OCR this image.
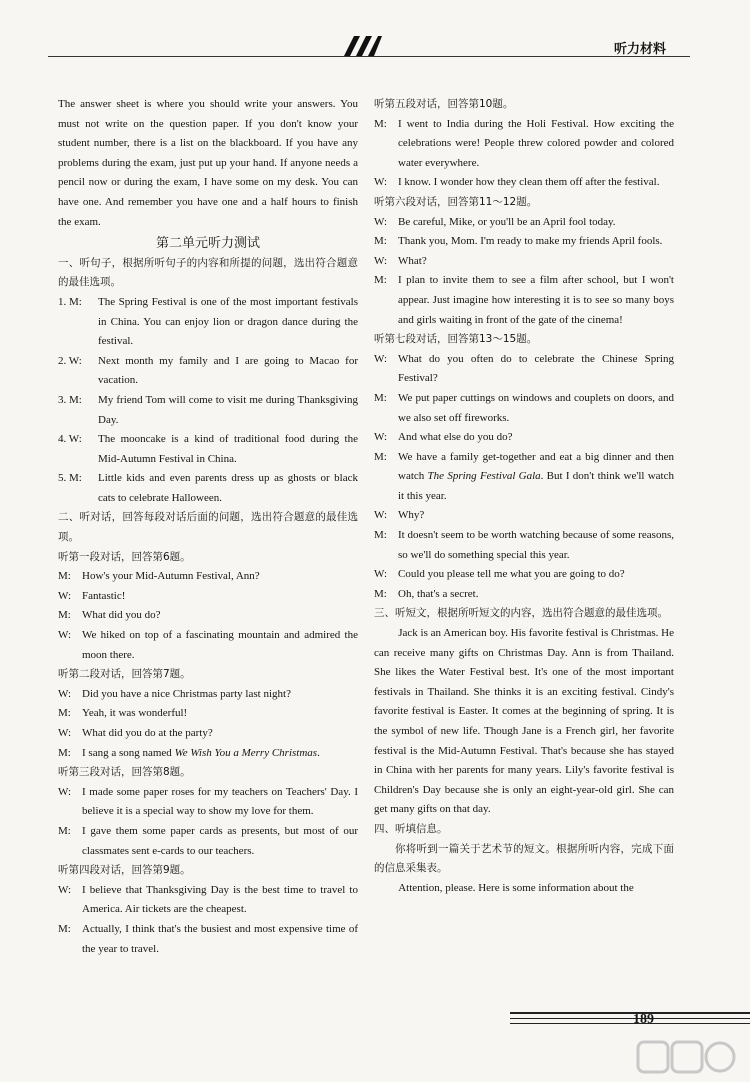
听力材料

The answer sheet is where you should write your answers. You must not write on the question paper. If you don't know your student number, there is a list on the blackboard. If you have any problems during the exam, just put up your hand. If anyone needs a pencil now or during the exam, I have some on my desk. You can have one. And remember you have one and a half hours to finish the exam.

第二单元听力测试

一、听句子，根据所听句子的内容和所提的问题，选出符合题意的最佳选项。

1. M:	The Spring Festival is one of the most important festivals in China. You can enjoy lion or dragon dance during the festival.

2. W:	Next month my family and I are going to Macao for vacation.

3. M:	My friend Tom will come to visit me during Thanksgiving Day.

4. W:	The mooncake is a kind of traditional food during the Mid-Autumn Festival in China.

5. M:	Little kids and even parents dress up as ghosts or black cats to celebrate Halloween.

二、听对话，回答每段对话后面的问题，选出符合题意的最佳选项。

听第一段对话，回答第6题。

M:	How's your Mid-Autumn Festival, Ann?

W: Fantastic!

M:	What did you do?

W: We hiked on top of a fascinating mountain and admired the moon there.

听第二段对话，回答第7题。

W: Did you have a nice Christmas party last night?

M:	Yeah, it was wonderful!

W: What did you do at the party?

M:	I sang a song named We Wish You a Merry Christmas.

听第三段对话，回答第8题。

W: I made some paper roses for my teachers on Teachers' Day. I believe it is a special way to show my love for them.

M:	I gave them some paper cards as presents, but most of our classmates sent e-cards to our teachers.

听第四段对话，回答第9题。

W: I believe that Thanksgiving Day is the best time to travel to America. Air tickets are the cheapest.

M:	Actually, I think that's the busiest and most expensive time of the year to travel.

听第五段对话，回答第10题。

M:	I went to India during the Holi Festival. How exciting the celebrations were! People threw colored powder and colored water everywhere.

W: I know. I wonder how they clean them off after the festival.

听第六段对话，回答第11～12题。

W: Be careful, Mike, or you'll be an April fool today.

M:	Thank you, Mom. I'm ready to make my friends April fools.

W: What?

M:	I plan to invite them to see a film after school, but I won't appear. Just imagine how interesting it is to see so many boys and girls waiting in front of the gate of the cinema!

听第七段对话，回答第13～15题。

W: What do you often do to celebrate the Chinese Spring Festival?

M:	We put paper cuttings on windows and couplets on doors, and we also set off fireworks.

W: And what else do you do?

M:	We have a family get-together and eat a big dinner and then watch The Spring Festival Gala. But I don't think we'll watch it this year.

W: Why?

M:	It doesn't seem to be worth watching because of some reasons, so we'll do something special this year.

W: Could you please tell me what you are going to do?

M:	Oh, that's a secret.

三、听短文，根据所听短文的内容，选出符合题意的最佳选项。

Jack is an American boy. His favorite festival is Christmas. He can receive many gifts on Christmas Day. Ann is from Thailand. She likes the Water Festival best. It's one of the most important festivals in Thailand. She thinks it is an exciting festival. Cindy's favorite festival is Easter. It comes at the beginning of spring. It is the symbol of new life. Though Jane is a French girl, her favorite festival is the Mid-Autumn Festival. That's because she has stayed in China with her parents for many years. Lily's favorite festival is Children's Day because she is only an eight-year-old girl. She can get many gifts on that day.

四、听填信息。

你将听到一篇关于艺术节的短文。根据所听内容，完成下面的信息采集表。

Attention, please. Here is some information about the

189
